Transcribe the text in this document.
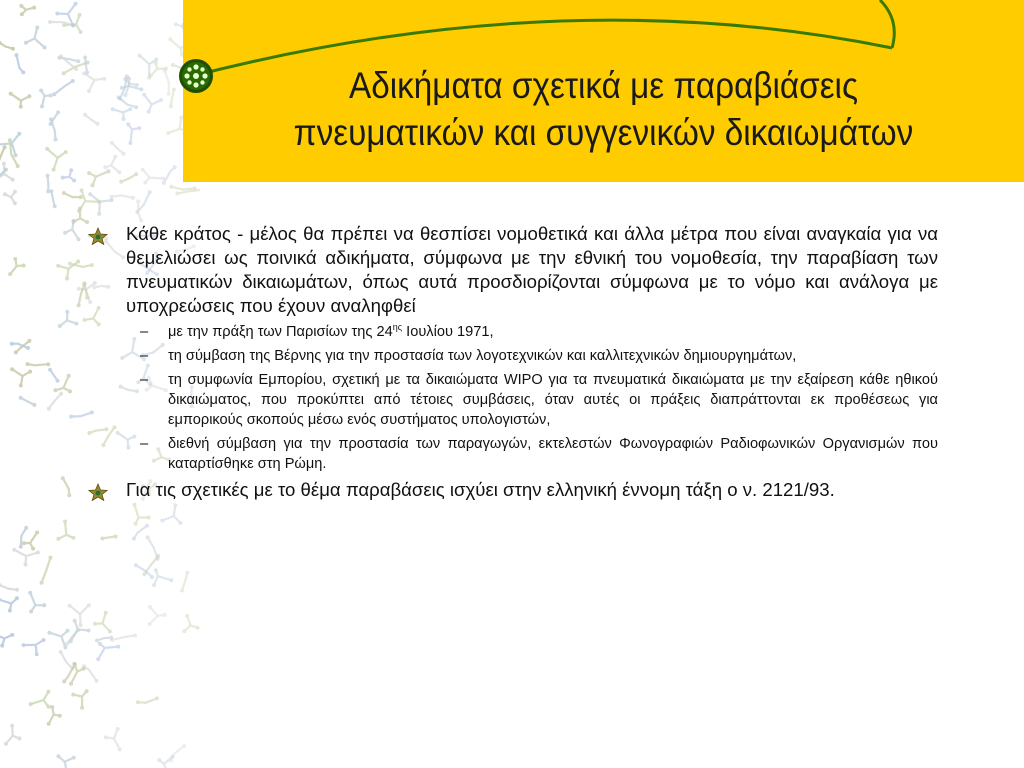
Αδικήματα σχετικά με παραβιάσεις
πνευματικών και συγγενικών δικαιωμάτων
Κάθε κράτος - μέλος θα πρέπει να θεσπίσει νομοθετικά και άλλα μέτρα που είναι αναγκαία για να θεμελιώσει ως ποινικά αδικήματα, σύμφωνα με την εθνική του νομοθεσία, την παραβίαση των πνευματικών δικαιωμάτων, όπως αυτά προσδιορίζονται σύμφωνα με το νόμο και ανάλογα με υποχρεώσεις που έχουν αναληφθεί
– με την πράξη των Παρισίων της $24^{\eta\varsigma}$ Ιουλίου 1971,
– τη σύμβαση της Βέρνης για την προστασία των λογοτεχνικών και καλλιτεχνικών δημιουργημάτων,
– τη συμφωνία Εμπορίου, σχετική με τα δικαιώματα WIPO για τα πνευματικά δικαιώματα με την εξαίρεση κάθε ηθικού δικαιώματος, που προκύπτει από τέτοιες συμβάσεις, όταν αυτές οι πράξεις διαπράττονται εκ προθέσεως για εμπορικούς σκοπούς μέσω ενός συστήματος υπολογιστών,
– διεθνή σύμβαση για την προστασία των παραγωγών, εκτελεστών Φωνογραφιών Ραδιοφωνικών Οργανισμών που καταρτίσθηκε στη Ρώμη.
Για τις σχετικές με το θέμα παραβάσεις ισχύει στην ελληνική έννομη τάξη ο ν. 2121/93.
